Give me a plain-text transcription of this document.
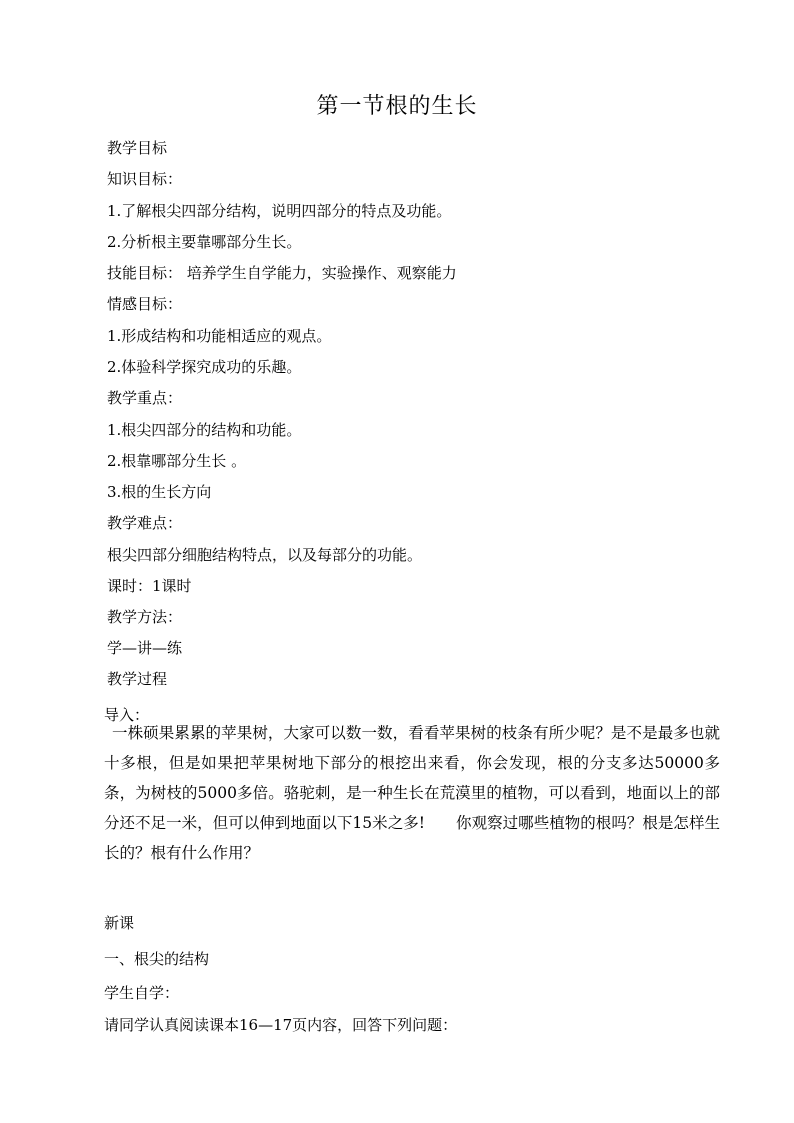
第一节根的生长
教学目标
知识目标：
1.了解根尖四部分结构，说明四部分的特点及功能。
2.分析根主要靠哪部分生长。
技能目标： 培养学生自学能力，实验操作、观察能力
情感目标：
1.形成结构和功能相适应的观点。
2.体验科学探究成功的乐趣。
教学重点：
1.根尖四部分的结构和功能。
2.根靠哪部分生长 。
3.根的生长方向
教学难点：
根尖四部分细胞结构特点，以及每部分的功能。
课时：1课时
教学方法：
学—讲—练
教学过程
导入：

一株硕果累累的苹果树，大家可以数一数，看看苹果树的枝条有所少呢？是不是最多也就十多根，但是如果把苹果树地下部分的根挖出来看，你会发现，根的分支多达50000多条，为树枝的5000多倍。骆驼刺，是一种生长在荒漠里的植物，可以看到，地面以上的部分还不足一米，但可以伸到地面以下15米之多!　　你观察过哪些植物的根吗？根是怎样生长的？根有什么作用？

新课
一、根尖的结构
学生自学：
请同学认真阅读课本16—17页内容，回答下列问题：
